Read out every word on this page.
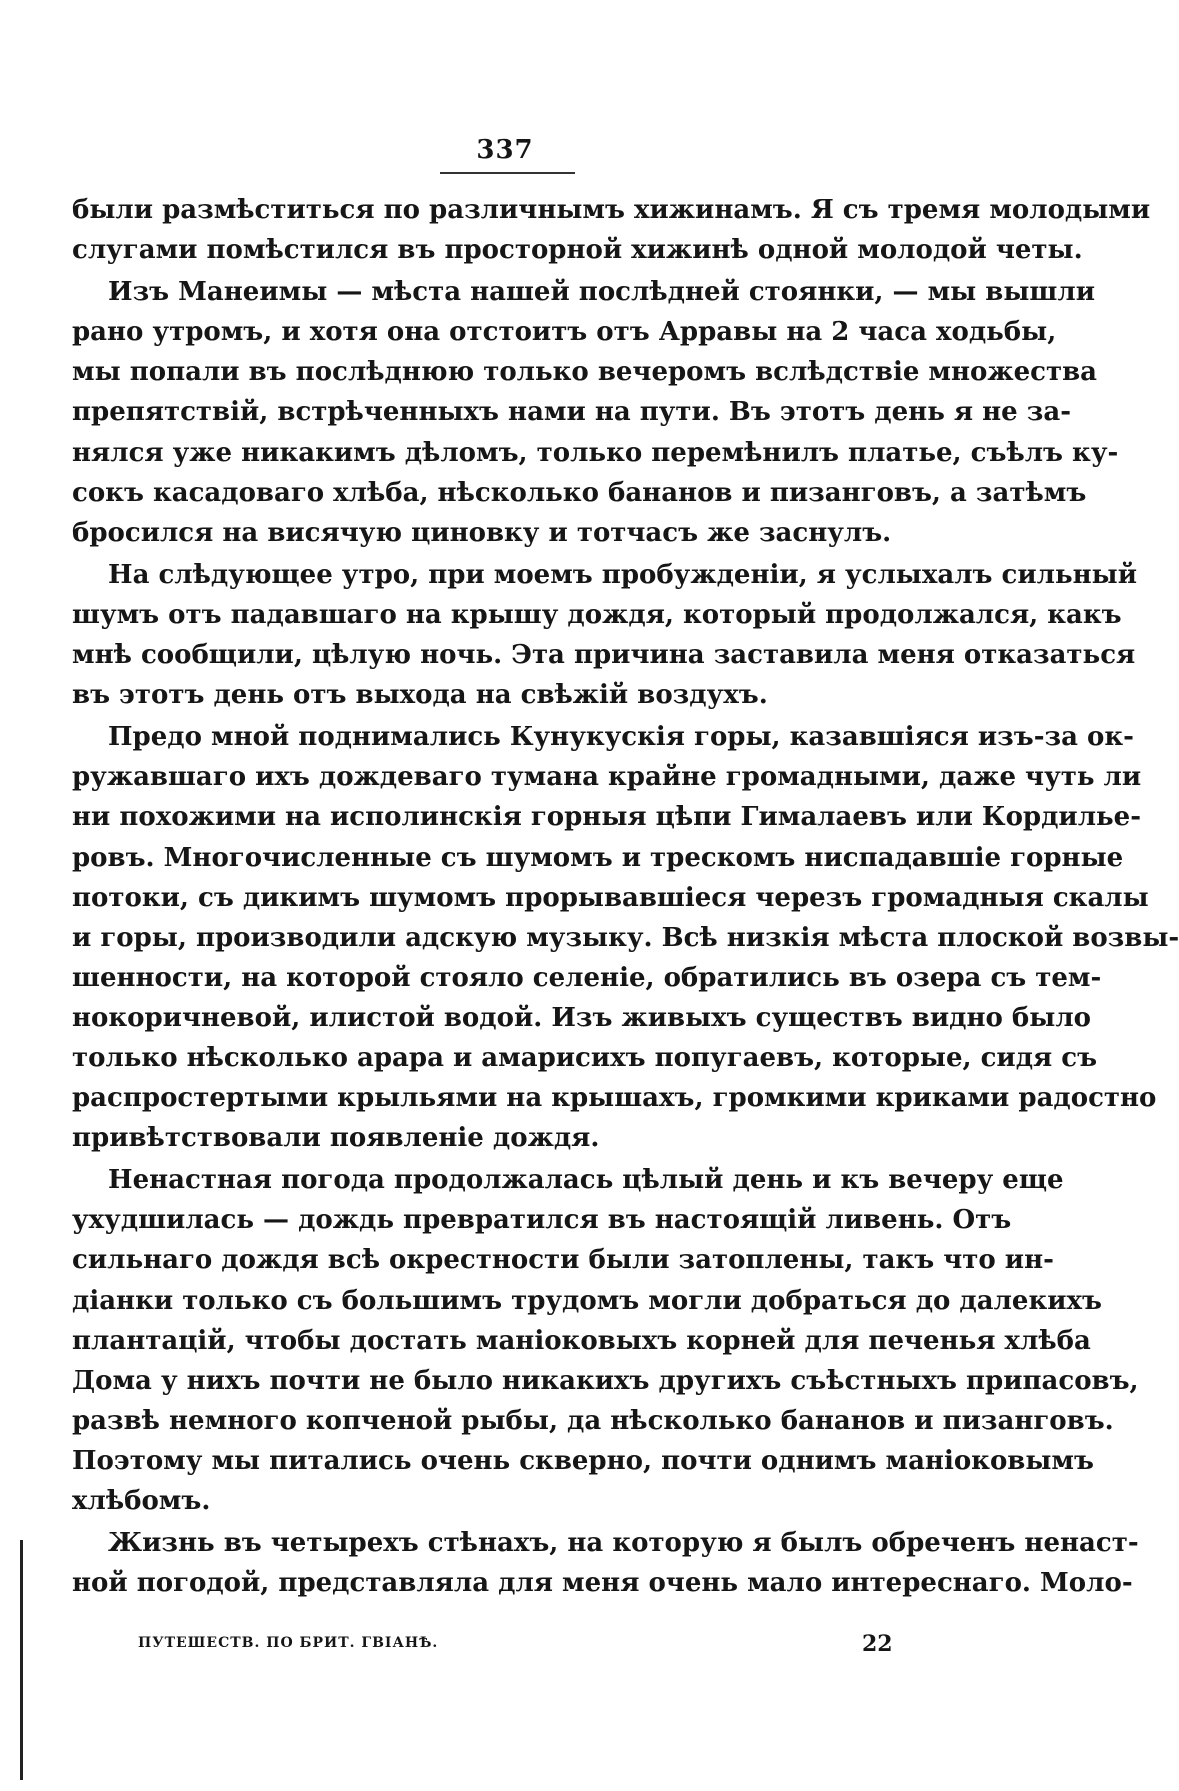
337
были размѣститься по различнымъ хижинамъ. Я съ тремя молодыми
слугами помѣстился въ просторной хижинѣ одной молодой четы.
Изъ Манеимы — мѣста нашей послѣдней стоянки, — мы вышли
рано утромъ, и хотя она отстоитъ отъ Арравы на 2 часа ходьбы,
мы попали въ послѣднюю только вечеромъ вслѣдствіе множества
препятствій, встрѣченныхъ нами на пути. Въ этотъ день я не за-
нялся уже никакимъ дѣломъ, только перемѣнилъ платье, съѣлъ ку-
сокъ касадоваго хлѣба, нѣсколько бананов и пизанговъ, а затѣмъ
бросился на висячую циновку и тотчасъ же заснулъ.
На слѣдующее утро, при моемъ пробужденіи, я услыхалъ сильный
шумъ отъ падавшаго на крышу дождя, который продолжался, какъ
мнѣ сообщили, цѣлую ночь. Эта причина заставила меня отказаться
въ этотъ день отъ выхода на свѣжій воздухъ.
Предо мной поднимались Кунукускія горы, казавшіяся изъ-за ок-
ружавшаго ихъ дождеваго тумана крайне громадными, даже чуть ли
ни похожими на исполинскія горныя цѣпи Гималаевъ или Кордилье-
ровъ. Многочисленные съ шумомъ и трескомъ ниспадавшіе горные
потоки, съ дикимъ шумомъ прорывавшіеся черезъ громадныя скалы
и горы, производили адскую музыку. Всѣ низкія мѣста плоской возвы-
шенности, на которой стояло селеніе, обратились въ озера съ тем-
нокоричневой, илистой водой. Изъ живыхъ существъ видно было
только нѣсколько арара и амарисихъ попугаевъ, которые, сидя съ
распростертыми крыльями на крышахъ, громкими криками радостно
привѣтствовали появленіе дождя.
Ненастная погода продолжалась цѣлый день и къ вечеру еще
ухудшилась — дождь превратился въ настоящій ливень. Отъ
сильнаго дождя всѣ окрестности были затоплены, такъ что ин-
діанки только съ большимъ трудомъ могли добраться до далекихъ
плантацій, чтобы достать маніоковыхъ корней для печенья хлѣба
Дома у нихъ почти не было никакихъ другихъ съѣстныхъ припасовъ,
развѣ немного копченой рыбы, да нѣсколько бананов и пизанговъ.
Поэтому мы питались очень скверно, почти однимъ маніоковымъ
хлѣбомъ.
Жизнь въ четырехъ стѣнахъ, на которую я былъ обреченъ ненаст-
ной погодой, представляла для меня очень мало интереснаго. Моло-
ПУТЕШЕСТВ. ПО БРИТ. ГВІАНѢ.	22
